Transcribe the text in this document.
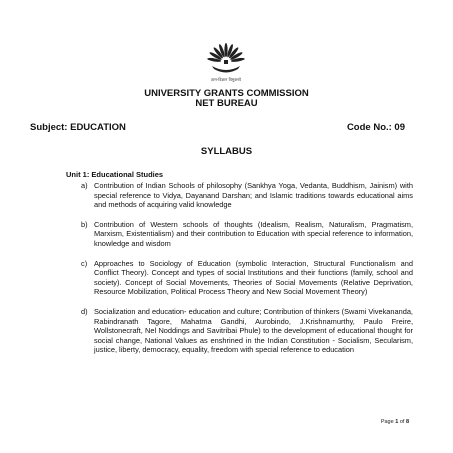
ज्ञान-विज्ञान विमुक्तये
UNIVERSITY GRANTS COMMISSION
NET BUREAU
Subject: EDUCATION	Code No.: 09
SYLLABUS
Unit 1: Educational Studies
a) Contribution of Indian Schools of philosophy (Sankhya Yoga, Vedanta, Buddhism, Jainism) with special reference to Vidya, Dayanand Darshan; and Islamic traditions towards educational aims and methods of acquiring valid knowledge
b) Contribution of Western schools of thoughts (Idealism, Realism, Naturalism, Pragmatism, Marxism, Existentialism) and their contribution to Education with special reference to information, knowledge and wisdom
c) Approaches to Sociology of Education (symbolic Interaction, Structural Functionalism and Conflict Theory). Concept and types of social Institutions and their functions (family, school and society). Concept of Social Movements, Theories of Social Movements (Relative Deprivation, Resource Mobilization, Political Process Theory and New Social Movement Theory)
d) Socialization and education- education and culture; Contribution of thinkers (Swami Vivekananda, Rabindranath Tagore, Mahatma Gandhi, Aurobindo, J.Krishnamurthy, Paulo Freire, Wollstonecraft, Nel Noddings and Savitribai Phule) to the development of educational thought for social change, National Values as enshrined in the Indian Constitution - Socialism, Secularism, justice, liberty, democracy, equality, freedom with special reference to education
Page 1 of 8
